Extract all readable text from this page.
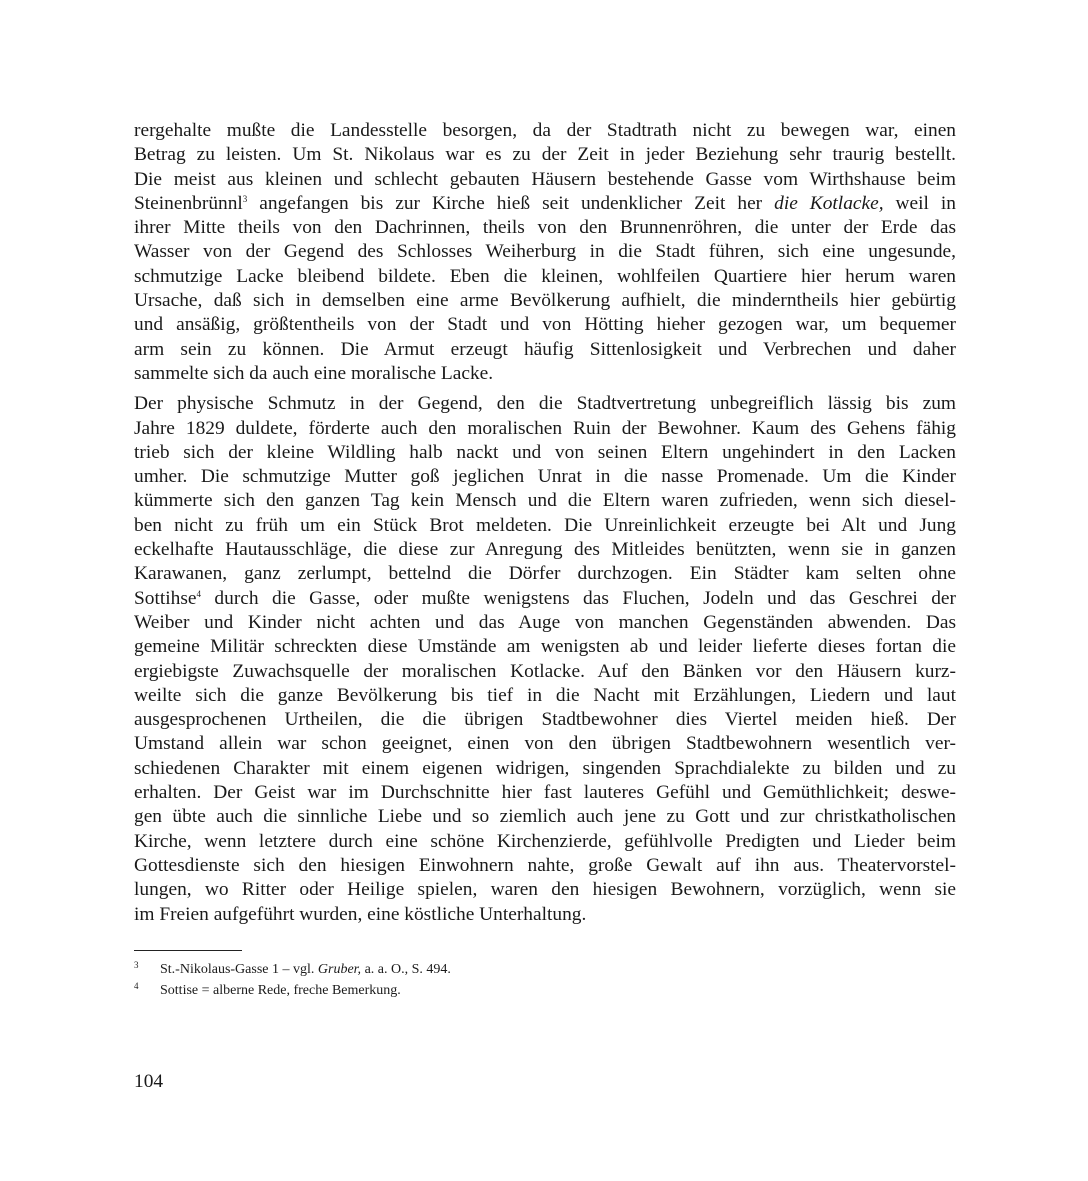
rergehalte mußte die Landesstelle besorgen, da der Stadtrath nicht zu bewegen war, einen
Betrag zu leisten. Um St. Nikolaus war es zu der Zeit in jeder Beziehung sehr traurig bestellt.
Die meist aus kleinen und schlecht gebauten Häusern bestehende Gasse vom Wirthshause beim
Steinenbrünnl$^3$ angefangen bis zur Kirche hieß seit undenklicher Zeit her die Kotlacke, weil in
ihrer Mitte theils von den Dachrinnen, theils von den Brunnenröhren, die unter der Erde das
Wasser von der Gegend des Schlosses Weiherburg in die Stadt führen, sich eine ungesunde,
schmutzige Lacke bleibend bildete. Eben die kleinen, wohlfeilen Quartiere hier herum waren
Ursache, daß sich in demselben eine arme Bevölkerung aufhielt, die minderntheils hier gebürtig
und ansäßig, größtentheils von der Stadt und von Hötting hieher gezogen war, um bequemer
arm sein zu können. Die Armut erzeugt häufig Sittenlosigkeit und Verbrechen und daher
sammelte sich da auch eine moralische Lacke.

Der physische Schmutz in der Gegend, den die Stadtvertretung unbegreiflich lässig bis zum
Jahre 1829 duldete, förderte auch den moralischen Ruin der Bewohner. Kaum des Gehens fähig
trieb sich der kleine Wildling halb nackt und von seinen Eltern ungehindert in den Lacken
umher. Die schmutzige Mutter goß jeglichen Unrat in die nasse Promenade. Um die Kinder
kümmerte sich den ganzen Tag kein Mensch und die Eltern waren zufrieden, wenn sich diesel-
ben nicht zu früh um ein Stück Brot meldeten. Die Unreinlichkeit erzeugte bei Alt und Jung
eckelhafte Hautausschläge, die diese zur Anregung des Mitleides benützten, wenn sie in ganzen
Karawanen, ganz zerlumpt, bettelnd die Dörfer durchzogen. Ein Städter kam selten ohne
Sottihse$^4$ durch die Gasse, oder mußte wenigstens das Fluchen, Jodeln und das Geschrei der
Weiber und Kinder nicht achten und das Auge von manchen Gegenständen abwenden. Das
gemeine Militär schreckten diese Umstände am wenigsten ab und leider lieferte dieses fortan die
ergiebigste Zuwachsquelle der moralischen Kotlacke. Auf den Bänken vor den Häusern kurz-
weilte sich die ganze Bevölkerung bis tief in die Nacht mit Erzählungen, Liedern und laut
ausgesprochenen Urtheilen, die die übrigen Stadtbewohner dies Viertel meiden hieß. Der
Umstand allein war schon geeignet, einen von den übrigen Stadtbewohnern wesentlich ver-
schiedenen Charakter mit einem eigenen widrigen, singenden Sprachdialekte zu bilden und zu
erhalten. Der Geist war im Durchschnitte hier fast lauteres Gefühl und Gemüthlichkeit; deswe-
gen übte auch die sinnliche Liebe und so ziemlich auch jene zu Gott und zur christkatholischen
Kirche, wenn letztere durch eine schöne Kirchenzierde, gefühlvolle Predigten und Lieder beim
Gottesdienste sich den hiesigen Einwohnern nahte, große Gewalt auf ihn aus. Theatervorstel-
lungen, wo Ritter oder Heilige spielen, waren den hiesigen Bewohnern, vorzüglich, wenn sie
im Freien aufgeführt wurden, eine köstliche Unterhaltung.

3 St.-Nikolaus-Gasse 1 – vgl. Gruber, a. a. O., S. 494.
4 Sottise = alberne Rede, freche Bemerkung.
104
